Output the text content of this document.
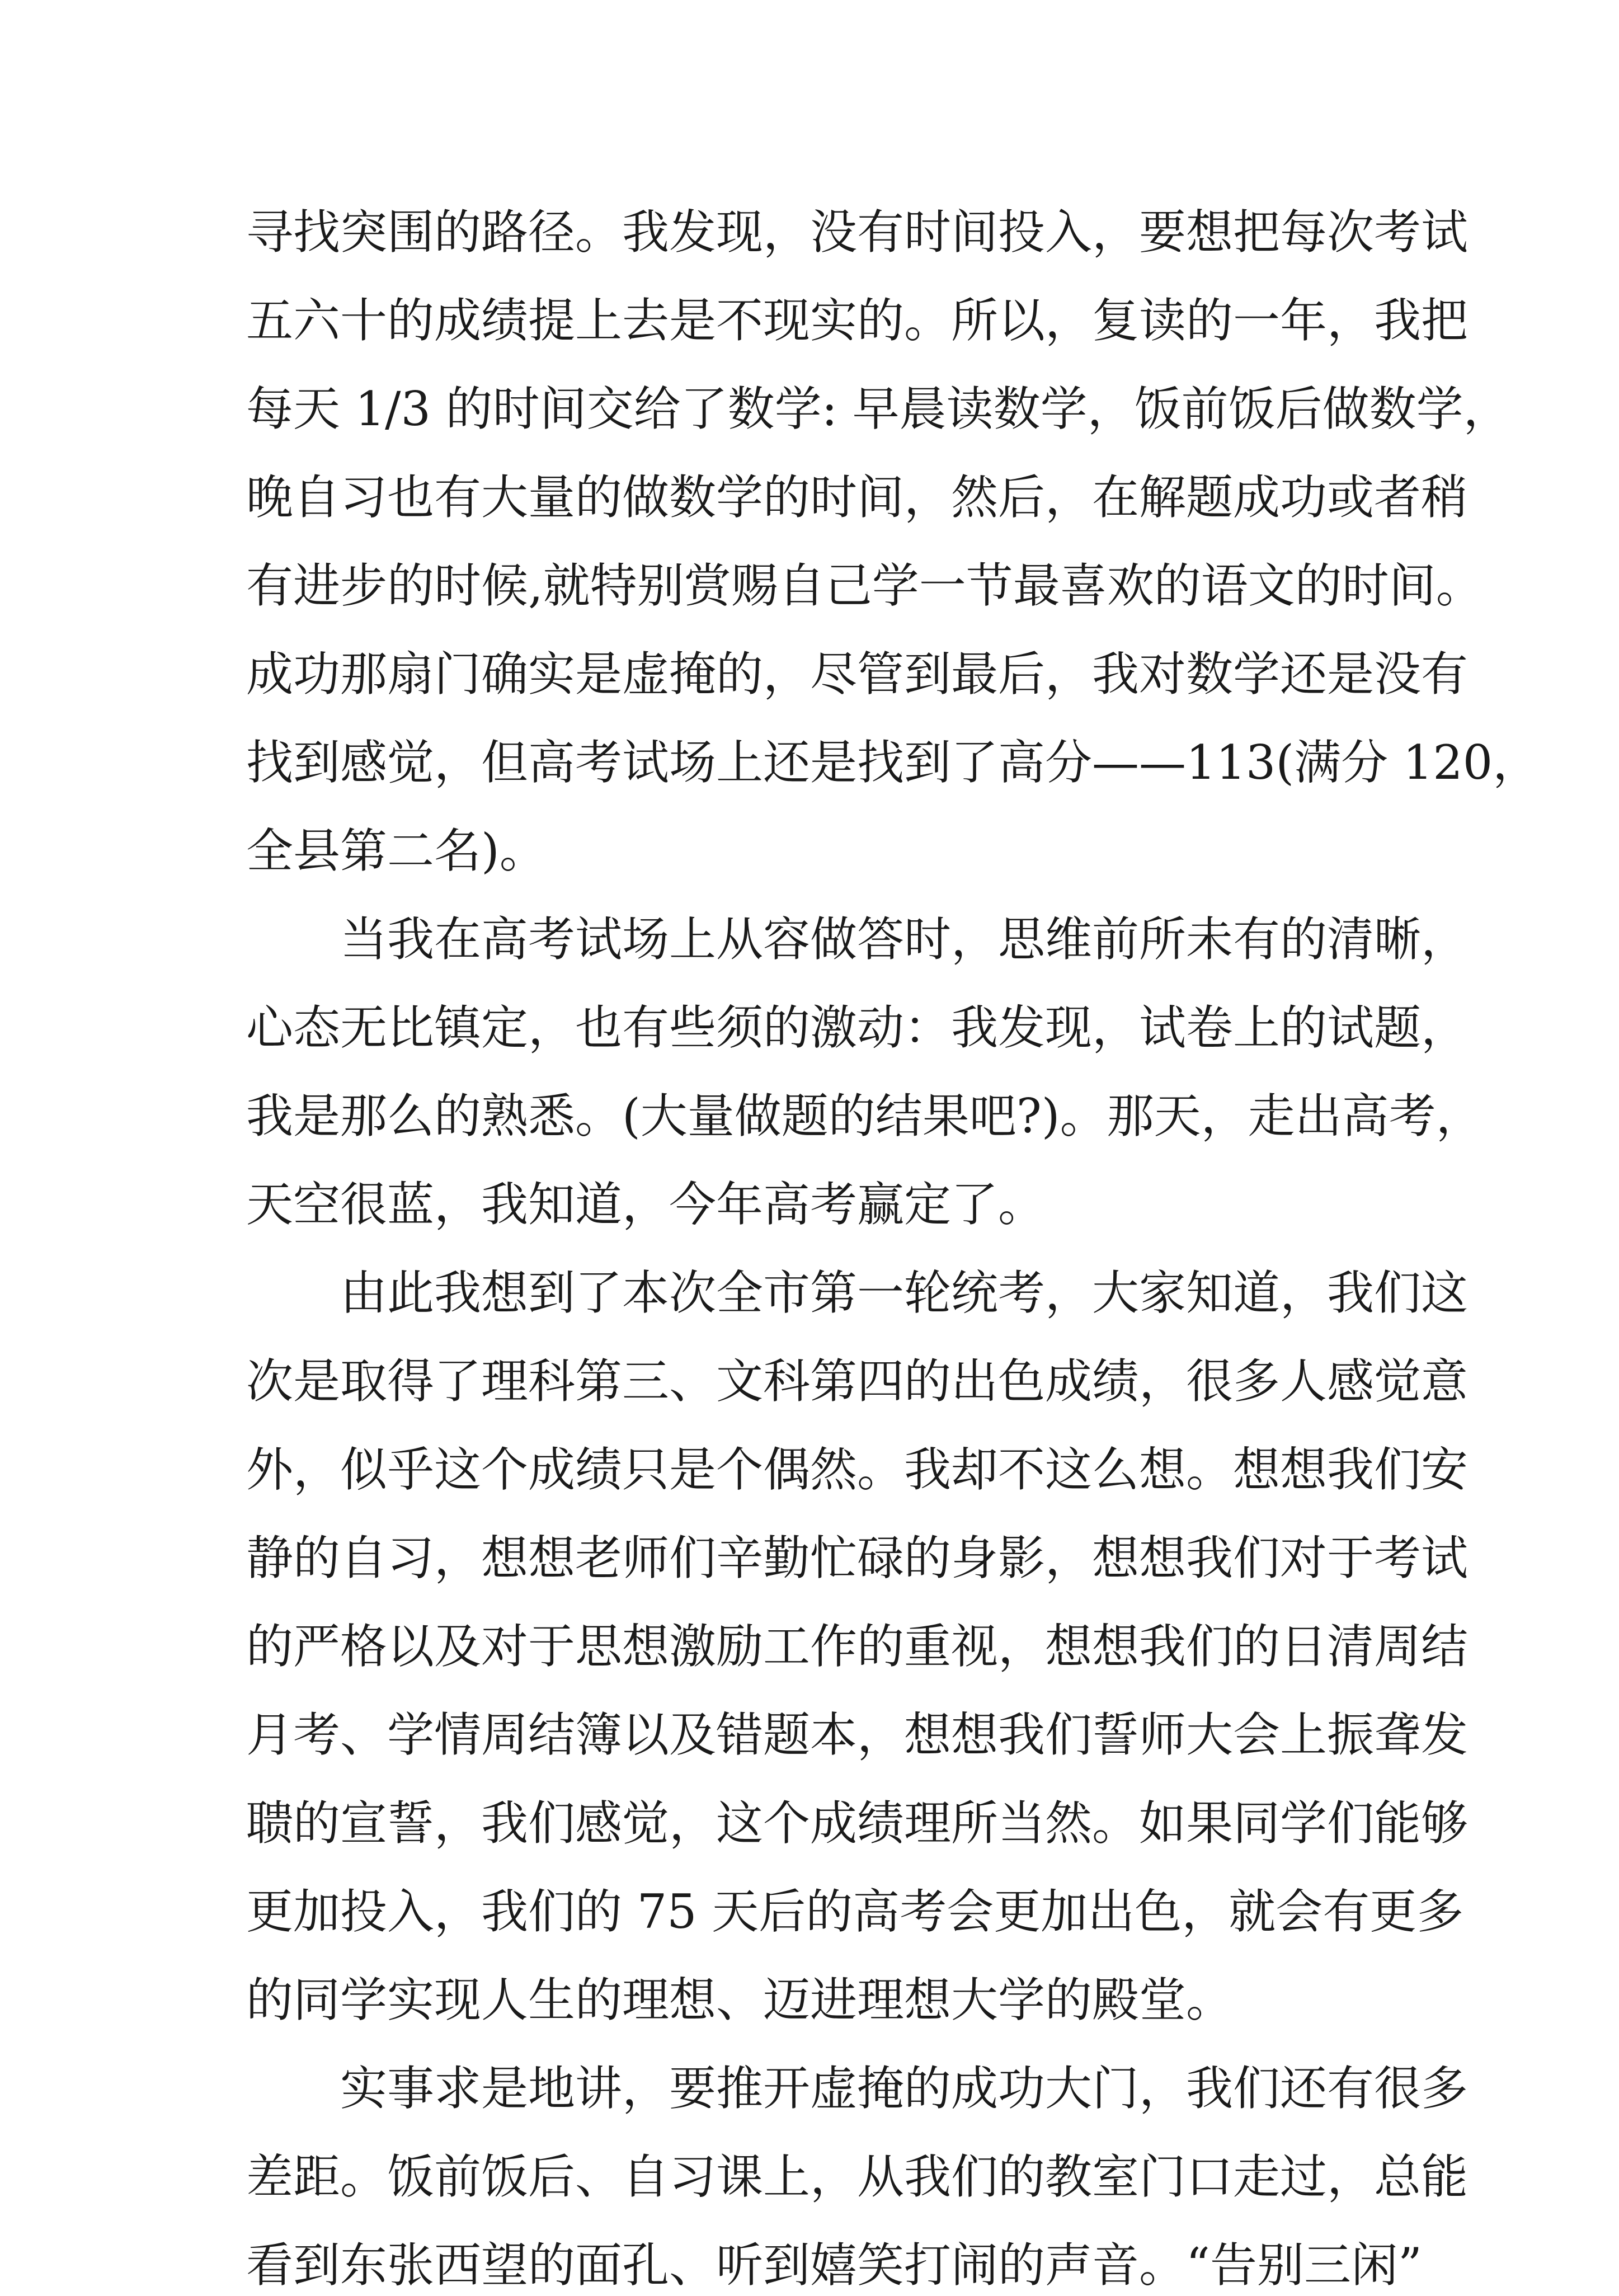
寻找突围的路径。我发现，没有时间投入，要想把每次考试
五六十的成绩提上去是不现实的。所以，复读的一年，我把
每天 1/3 的时间交给了数学: 早晨读数学，饭前饭后做数学，
晚自习也有大量的做数学的时间，然后，在解题成功或者稍
有进步的时候,就特别赏赐自己学一节最喜欢的语文的时间。
成功那扇门确实是虚掩的，尽管到最后，我对数学还是没有
找到感觉，但高考试场上还是找到了高分——113(满分 120，
全县第二名)。
当我在高考试场上从容做答时，思维前所未有的清晰，
心态无比镇定，也有些须的激动：我发现，试卷上的试题，
我是那么的熟悉。(大量做题的结果吧?)。那天，走出高考，
天空很蓝，我知道，今年高考赢定了。
由此我想到了本次全市第一轮统考，大家知道，我们这
次是取得了理科第三、文科第四的出色成绩，很多人感觉意
外，似乎这个成绩只是个偶然。我却不这么想。想想我们安
静的自习，想想老师们辛勤忙碌的身影，想想我们对于考试
的严格以及对于思想激励工作的重视，想想我们的日清周结
月考、学情周结簿以及错题本，想想我们誓师大会上振聋发
聩的宣誓，我们感觉，这个成绩理所当然。如果同学们能够
更加投入，我们的 75 天后的高考会更加出色，就会有更多
的同学实现人生的理想、迈进理想大学的殿堂。
实事求是地讲，要推开虚掩的成功大门，我们还有很多
差距。饭前饭后、自习课上，从我们的教室门口走过，总能
看到东张西望的面孔、听到嬉笑打闹的声音。“告别三闲”
